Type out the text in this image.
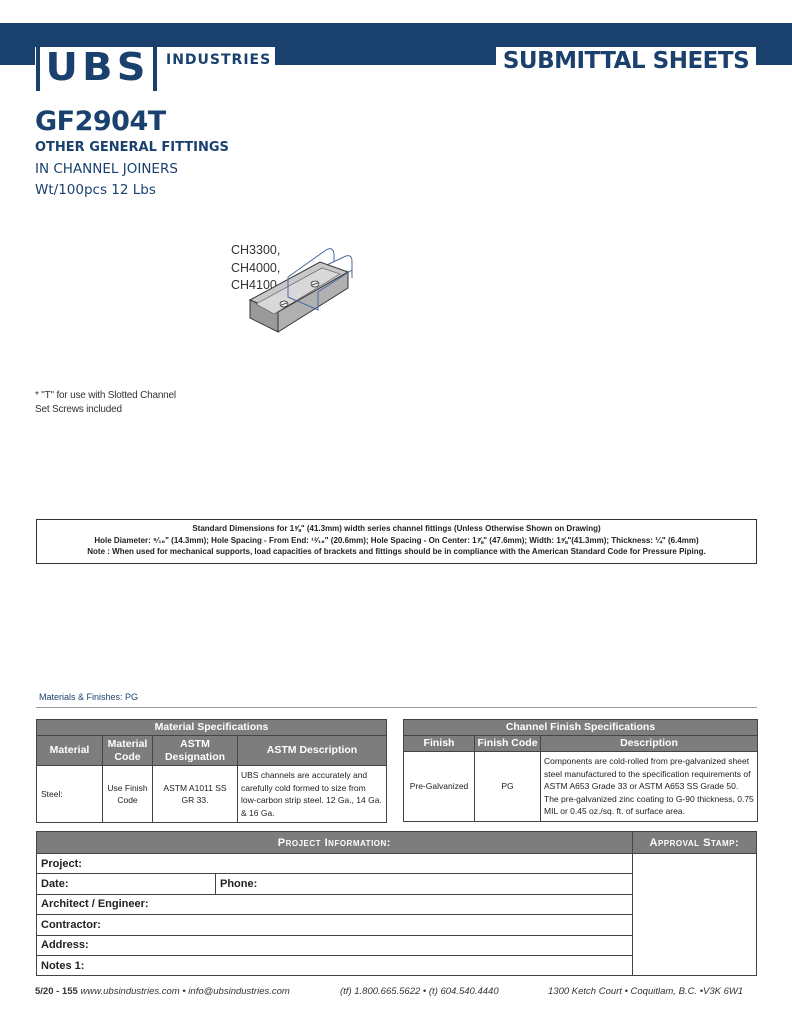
UBS INDUSTRIES	SUBMITTAL SHEETS
GF2904T
OTHER GENERAL FITTINGS
IN CHANNEL JOINERS
Wt/100pcs 12 Lbs
CH3300,
CH4000,
CH4100
* "T" for use with Slotted Channel
Set Screws included
Standard Dimensions for 1⅝" (41.3mm) width series channel fittings (Unless Otherwise Shown on Drawing)
Hole Diameter: ⁹⁄₁₆" (14.3mm); Hole Spacing - From End: ¹³⁄₁₆" (20.6mm); Hole Spacing - On Center: 1⅞" (47.6mm); Width: 1⅝"(41.3mm); Thickness: ¼" (6.4mm)
Note : When used for mechanical supports, load capacities of brackets and fittings should be in compliance with the American Standard Code for Pressure Piping.
Materials & Finishes: PG
Material Specifications			
Material	Material Code	ASTM Designation	ASTM Description
Steel:	Use Finish Code	ASTM A1011 SS GR 33.	UBS channels are accurately and carefully cold formed to size from low-carbon strip steel. 12 Ga., 14 Ga. & 16 Ga.
Channel Finish Specifications		
Finish	Finish Code	Description
Pre-Galvanized	PG	Components are cold-rolled from pre-galvanized sheet steel manufactured to the specification requirements of ASTM A653 Grade 33 or ASTM A653 SS Grade 50. The pre-galvanized zinc coating to G-90 thickness, 0.75 MIL or 0.45 oz./sq. ft. of surface area.
Project Information:		Approval Stamp:
Project:		
Date:	Phone:	
Architect / Engineer:		
Contractor:		
Address:		
Notes 1:		
5/20 - 155 www.ubsindustries.com • info@ubsindustries.com	(tf) 1.800.665.5622 • (t) 604.540.4440	1300 Ketch Court • Coquitlam, B.C. •V3K 6W1
